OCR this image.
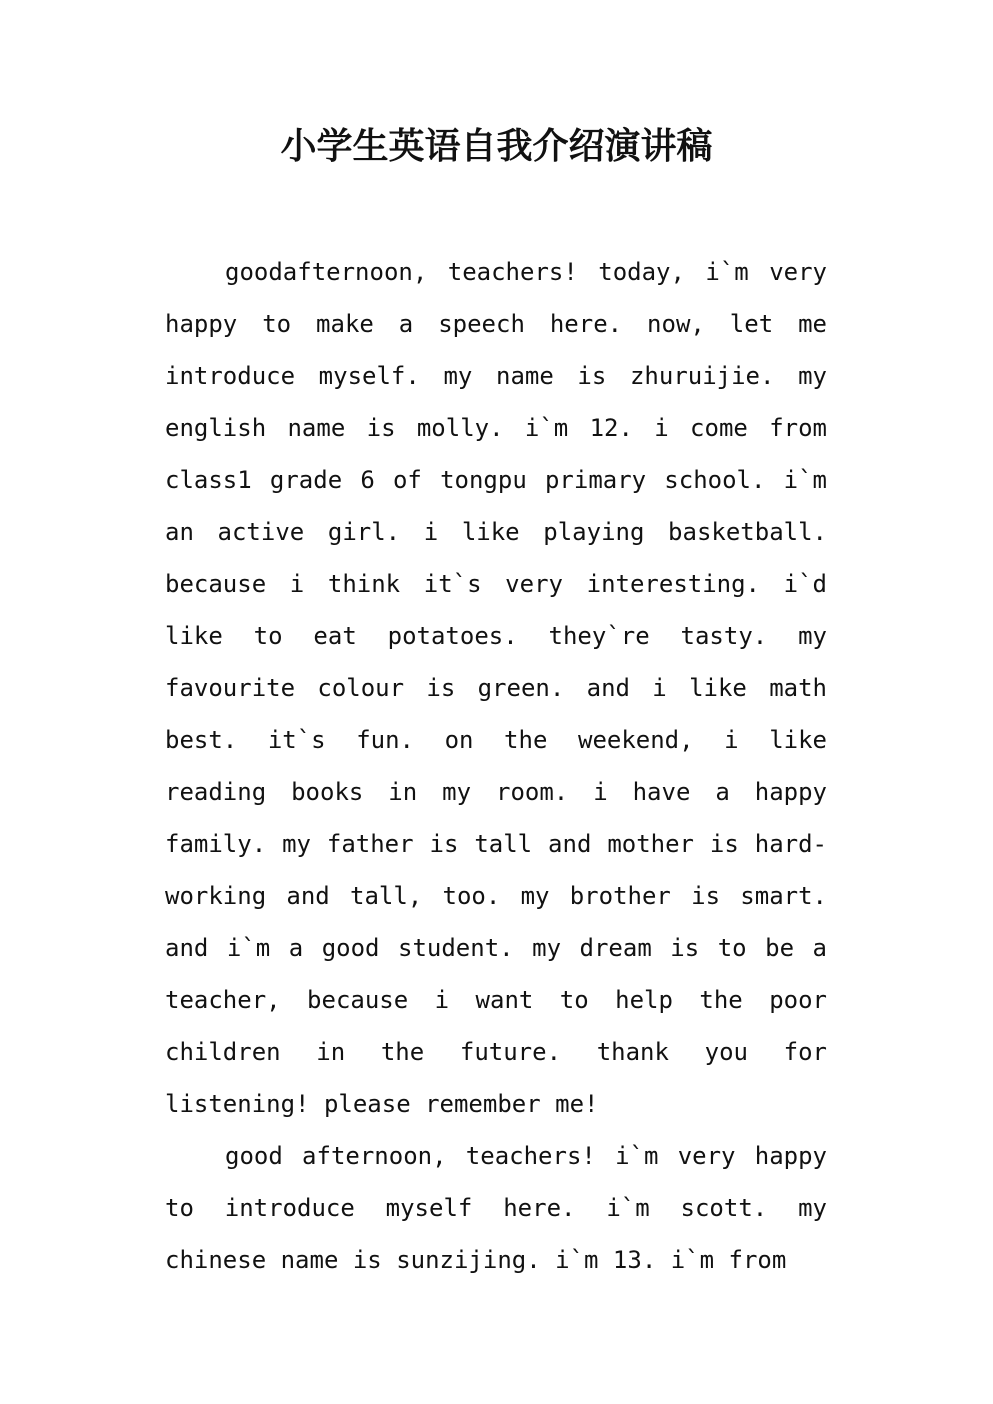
小学生英语自我介绍演讲稿

goodafternoon, teachers! today, i`m very happy to make a speech here. now, let me introduce myself. my name is zhuruijie. my english name is molly. i`m 12. i come from class1 grade 6 of tongpu primary school. i`m an active girl. i like playing basketball. because i think it`s very interesting. i`d like to eat potatoes. they`re tasty. my favourite colour is green. and i like math best. it`s fun. on the weekend, i like reading books in my room. i have a happy family. my father is tall and mother is hard-working and tall, too. my brother is smart. and i`m a good student. my dream is to be a teacher, because i want to help the poor children in the future. thank you for listening! please remember me!

good afternoon, teachers! i`m very happy to introduce myself here. i`m scott. my chinese name is sunzijing. i`m 13. i`m from
